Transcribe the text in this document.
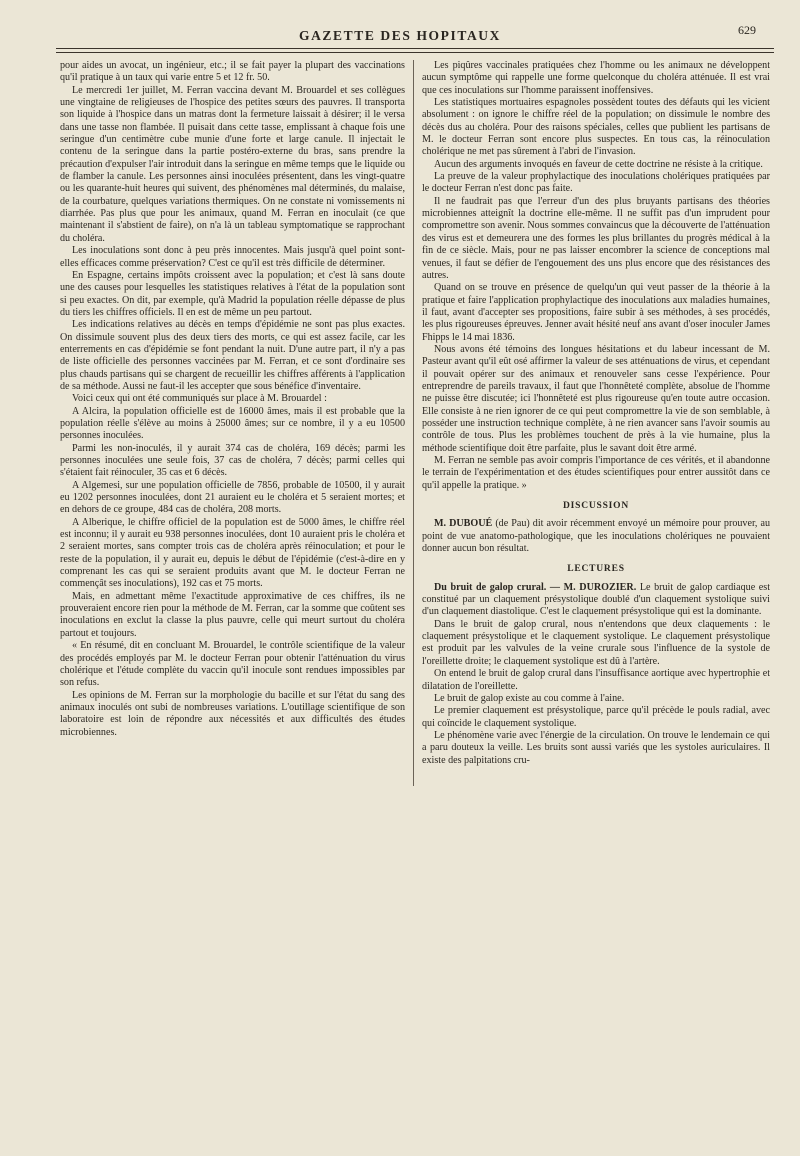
GAZETTE DES HOPITAUX	629

pour aides un avocat, un ingénieur, etc.; il se fait payer la plupart des vaccinations qu'il pratique à un taux qui varie entre 5 et 12 fr. 50.

Le mercredi 1er juillet, M. Ferran vaccina devant M. Brouardel et ses collègues une vingtaine de religieuses de l'hospice des petites sœurs des pauvres. Il transporta son liquide à l'hospice dans un matras dont la fermeture laissait à désirer; il le versa dans une tasse non flambée. Il puisait dans cette tasse, emplissant à chaque fois une seringue d'un centimètre cube munie d'une forte et large canule. Il injectait le contenu de la seringue dans la partie postéro-externe du bras, sans prendre la précaution d'expulser l'air introduit dans la seringue en même temps que le liquide ou de flamber la canule. Les personnes ainsi inoculées présentent, dans les vingt-quatre ou les quarante-huit heures qui suivent, des phénomènes mal déterminés, du malaise, de la courbature, quelques variations thermiques. On ne constate ni vomissements ni diarrhée. Pas plus que pour les animaux, quand M. Ferran en inoculait (ce que maintenant il s'abstient de faire), on n'a là un tableau symptomatique se rapprochant du choléra.

Les inoculations sont donc à peu près innocentes. Mais jusqu'à quel point sont-elles efficaces comme préservation? C'est ce qu'il est très difficile de déterminer.

En Espagne, certains impôts croissent avec la population; et c'est là sans doute une des causes pour lesquelles les statistiques relatives à l'état de la population sont si peu exactes. On dit, par exemple, qu'à Madrid la population réelle dépasse de plus du tiers les chiffres officiels. Il en est de même un peu partout.

Les indications relatives au décès en temps d'épidémie ne sont pas plus exactes. On dissimule souvent plus des deux tiers des morts, ce qui est assez facile, car les enterrements en cas d'épidémie se font pendant la nuit. D'une autre part, il n'y a pas de liste officielle des personnes vaccinées par M. Ferran, et ce sont d'ordinaire ses plus chauds partisans qui se chargent de recueillir les chiffres afférents à l'application de sa méthode. Aussi ne faut-il les accepter que sous bénéfice d'inventaire.

Voici ceux qui ont été communiqués sur place à M. Brouardel :

A Alcira, la population officielle est de 16000 âmes, mais il est probable que la population réelle s'élève au moins à 25000 âmes; sur ce nombre, il y a eu 10500 personnes inoculées.

Parmi les non-inoculés, il y aurait 374 cas de choléra, 169 décès; parmi les personnes inoculées une seule fois, 37 cas de choléra, 7 décès; parmi celles qui s'étaient fait réinoculer, 35 cas et 6 décès.

A Algemesi, sur une population officielle de 7856, probable de 10500, il y aurait eu 1202 personnes inoculées, dont 21 auraient eu le choléra et 5 seraient mortes; et en dehors de ce groupe, 484 cas de choléra, 208 morts.

A Alberique, le chiffre officiel de la population est de 5000 âmes, le chiffre réel est inconnu; il y aurait eu 938 personnes inoculées, dont 10 auraient pris le choléra et 2 seraient mortes, sans compter trois cas de choléra après réinoculation; et pour le reste de la population, il y aurait eu, depuis le début de l'épidémie (c'est-à-dire en y comprenant les cas qui se seraient produits avant que M. le docteur Ferran ne commençât ses inoculations), 192 cas et 75 morts.

Mais, en admettant même l'exactitude approximative de ces chiffres, ils ne prouveraient encore rien pour la méthode de M. Ferran, car la somme que coûtent ses inoculations en exclut la classe la plus pauvre, celle qui meurt surtout du choléra partout et toujours.

« En résumé, dit en concluant M. Brouardel, le contrôle scientifique de la valeur des procédés employés par M. le docteur Ferran pour obtenir l'atténuation du virus cholérique et l'étude complète du vaccin qu'il inocule sont rendues impossibles par son refus.

Les opinions de M. Ferran sur la morphologie du bacille et sur l'état du sang des animaux inoculés ont subi de nombreuses variations. L'outillage scientifique de son laboratoire est loin de répondre aux nécessités et aux difficultés des études microbiennes.

Les piqûres vaccinales pratiquées chez l'homme ou les animaux ne développent aucun symptôme qui rappelle une forme quelconque du choléra atténuée. Il est vrai que ces inoculations sur l'homme paraissent inoffensives.

Les statistiques mortuaires espagnoles possèdent toutes des défauts qui les vicient absolument : on ignore le chiffre réel de la population; on dissimule le nombre des décès dus au choléra. Pour des raisons spéciales, celles que publient les partisans de M. le docteur Ferran sont encore plus suspectes. En tous cas, la réinoculation cholérique ne met pas sûrement à l'abri de l'invasion.

Aucun des arguments invoqués en faveur de cette doctrine ne résiste à la critique.

La preuve de la valeur prophylactique des inoculations cholériques pratiquées par le docteur Ferran n'est donc pas faite.

Il ne faudrait pas que l'erreur d'un des plus bruyants partisans des théories microbiennes atteignît la doctrine elle-même. Il ne suffit pas d'un imprudent pour compromettre son avenir. Nous sommes convaincus que la découverte de l'atténuation des virus est et demeurera une des formes les plus brillantes du progrès médical à la fin de ce siècle. Mais, pour ne pas laisser encombrer la science de conceptions mal venues, il faut se défier de l'engouement des uns plus encore que des résistances des autres.

Quand on se trouve en présence de quelqu'un qui veut passer de la théorie à la pratique et faire l'application prophylactique des inoculations aux maladies humaines, il faut, avant d'accepter ses propositions, faire subir à ses méthodes, à ses procédés, les plus rigoureuses épreuves. Jenner avait hésité neuf ans avant d'oser inoculer James Fhipps le 14 mai 1836.

Nous avons été témoins des longues hésitations et du labeur incessant de M. Pasteur avant qu'il eût osé affirmer la valeur de ses atténuations de virus, et cependant il pouvait opérer sur des animaux et renouveler sans cesse l'expérience. Pour entreprendre de pareils travaux, il faut que l'honnêteté complète, absolue de l'homme ne puisse être discutée; ici l'honnêteté est plus rigoureuse qu'en toute autre occasion. Elle consiste à ne rien ignorer de ce qui peut compromettre la vie de son semblable, à posséder une instruction technique complète, à ne rien avancer sans l'avoir soumis au contrôle de tous. Plus les problèmes touchent de près à la vie humaine, plus la méthode scientifique doit être parfaite, plus le savant doit être armé.

M. Ferran ne semble pas avoir compris l'importance de ces vérités, et il abandonne le terrain de l'expérimentation et des études scientifiques pour entrer aussitôt dans ce qu'il appelle la pratique. »

DISCUSSION

M. DUBOUÉ (de Pau) dit avoir récemment envoyé un mémoire pour prouver, au point de vue anatomo-pathologique, que les inoculations cholériques ne pouvaient donner aucun bon résultat.

LECTURES

Du bruit de galop crural. — M. DUROZIER. Le bruit de galop cardiaque est constitué par un claquement présystolique doublé d'un claquement systolique suivi d'un claquement diastolique. C'est le claquement présystolique qui est la dominante.

Dans le bruit de galop crural, nous n'entendons que deux claquements : le claquement présystolique et le claquement systolique. Le claquement présystolique est produit par les valvules de la veine crurale sous l'influence de la systole de l'oreillette droite; le claquement systolique est dû à l'artère.

On entend le bruit de galop crural dans l'insuffisance aortique avec hypertrophie et dilatation de l'oreillette.

Le bruit de galop existe au cou comme à l'aine.

Le premier claquement est présystolique, parce qu'il précède le pouls radial, avec qui coïncide le claquement systolique.

Le phénomène varie avec l'énergie de la circulation. On trouve le lendemain ce qui a paru douteux la veille. Les bruits sont aussi variés que les systoles auriculaires. Il existe des palpitations cru-
